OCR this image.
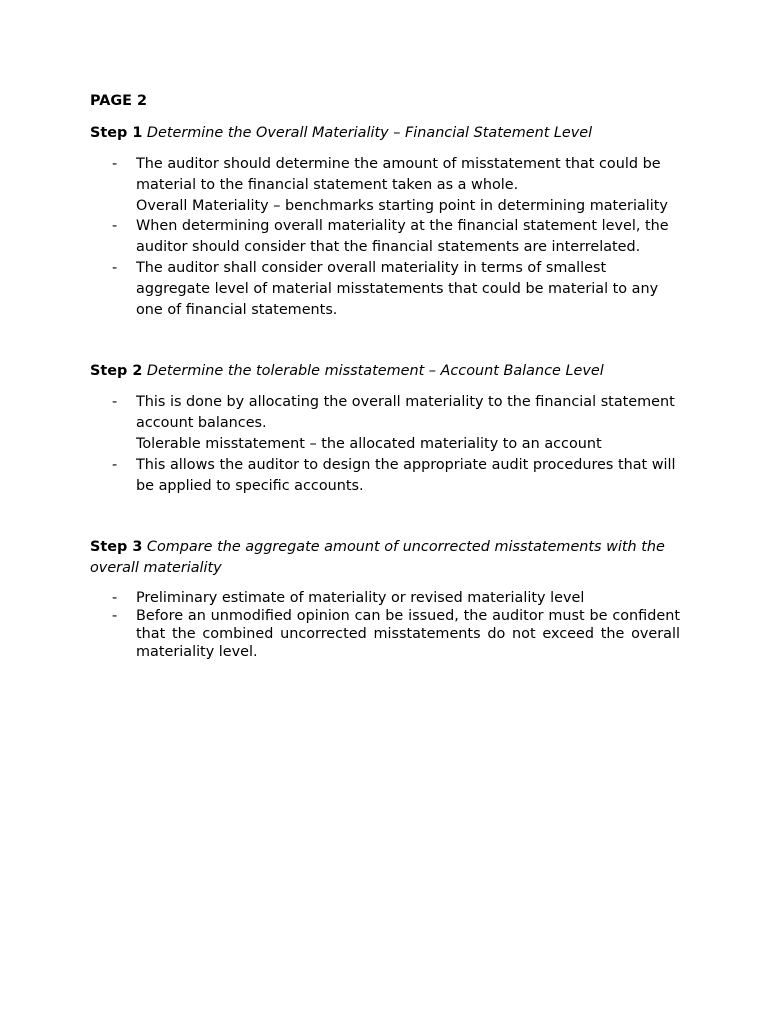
PAGE 2
Step 1 Determine the Overall Materiality – Financial Statement Level
- The auditor should determine the amount of misstatement that could be material to the financial statement taken as a whole.
Overall Materiality – benchmarks starting point in determining materiality
- When determining overall materiality at the financial statement level, the auditor should consider that the financial statements are interrelated.
- The auditor shall consider overall materiality in terms of smallest aggregate level of material misstatements that could be material to any one of financial statements.
Step 2 Determine the tolerable misstatement – Account Balance Level
- This is done by allocating the overall materiality to the financial statement account balances.
Tolerable misstatement – the allocated materiality to an account
- This allows the auditor to design the appropriate audit procedures that will be applied to specific accounts.
Step 3 Compare the aggregate amount of uncorrected misstatements with the overall materiality
- Preliminary estimate of materiality or revised materiality level
- Before an unmodified opinion can be issued, the auditor must be confident that the combined uncorrected misstatements do not exceed the overall materiality level.
